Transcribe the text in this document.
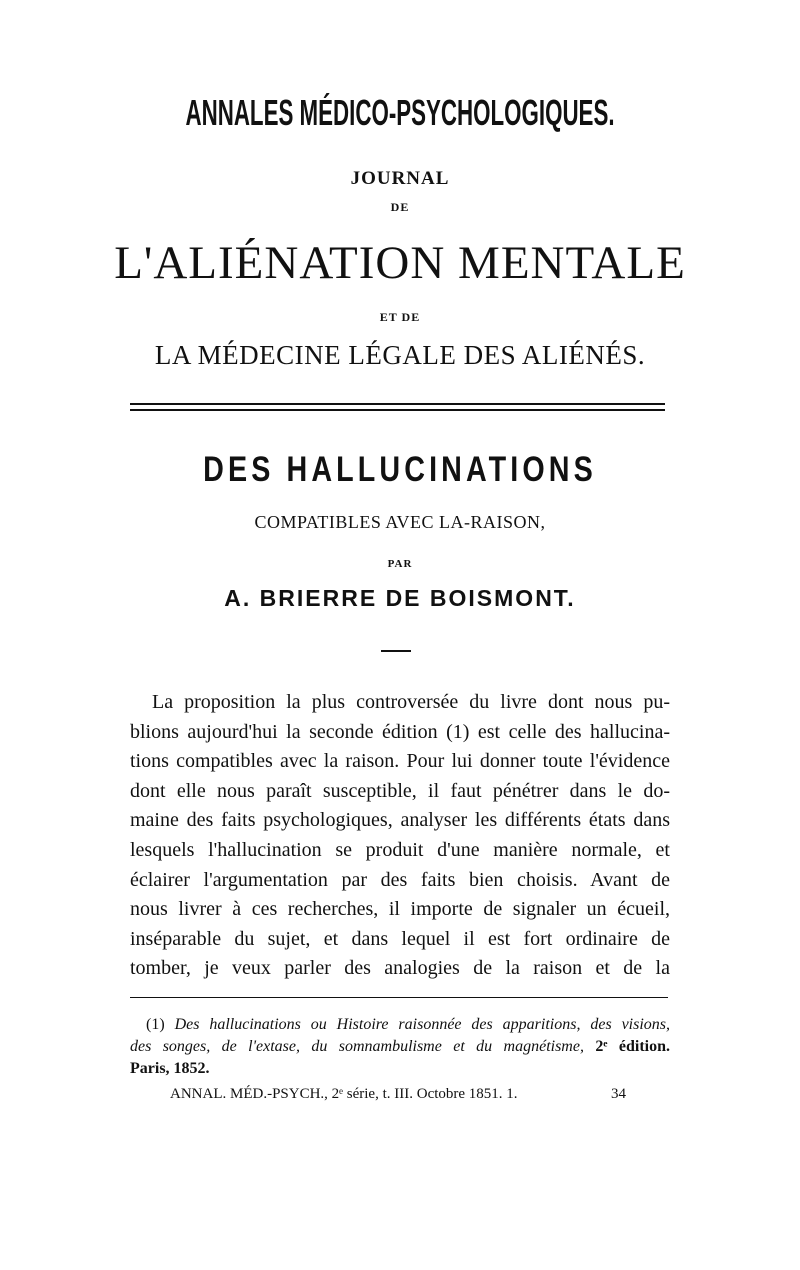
ANNALES MÉDICO-PSYCHOLOGIQUES.
JOURNAL
DE
L'ALIÉNATION MENTALE
ET DE
LA MÉDECINE LÉGALE DES ALIÉNÉS.
DES HALLUCINATIONS
COMPATIBLES AVEC LA-RAISON,
PAR
A. BRIERRE DE BOISMONT.
La proposition la plus controversée du livre dont nous pu-
blions aujourd'hui la seconde édition (1) est celle des hallucina-
tions compatibles avec la raison. Pour lui donner toute l'évidence
dont elle nous paraît susceptible, il faut pénétrer dans le do-
maine des faits psychologiques, analyser les différents états dans
lesquels l'hallucination se produit d'une manière normale, et
éclairer l'argumentation par des faits bien choisis. Avant de
nous livrer à ces recherches, il importe de signaler un écueil,
inséparable du sujet, et dans lequel il est fort ordinaire de
tomber, je veux parler des analogies de la raison et de la
(1) Des hallucinations ou Histoire raisonnée des apparitions, des visions,
des songes, de l'extase, du somnambulisme et du magnétisme, 2ᵉ édition.
Paris, 1852.
ANNAL. MÉD.-PSYCH., 2ᵉ série, t. III. Octobre 1851. 1.	34
